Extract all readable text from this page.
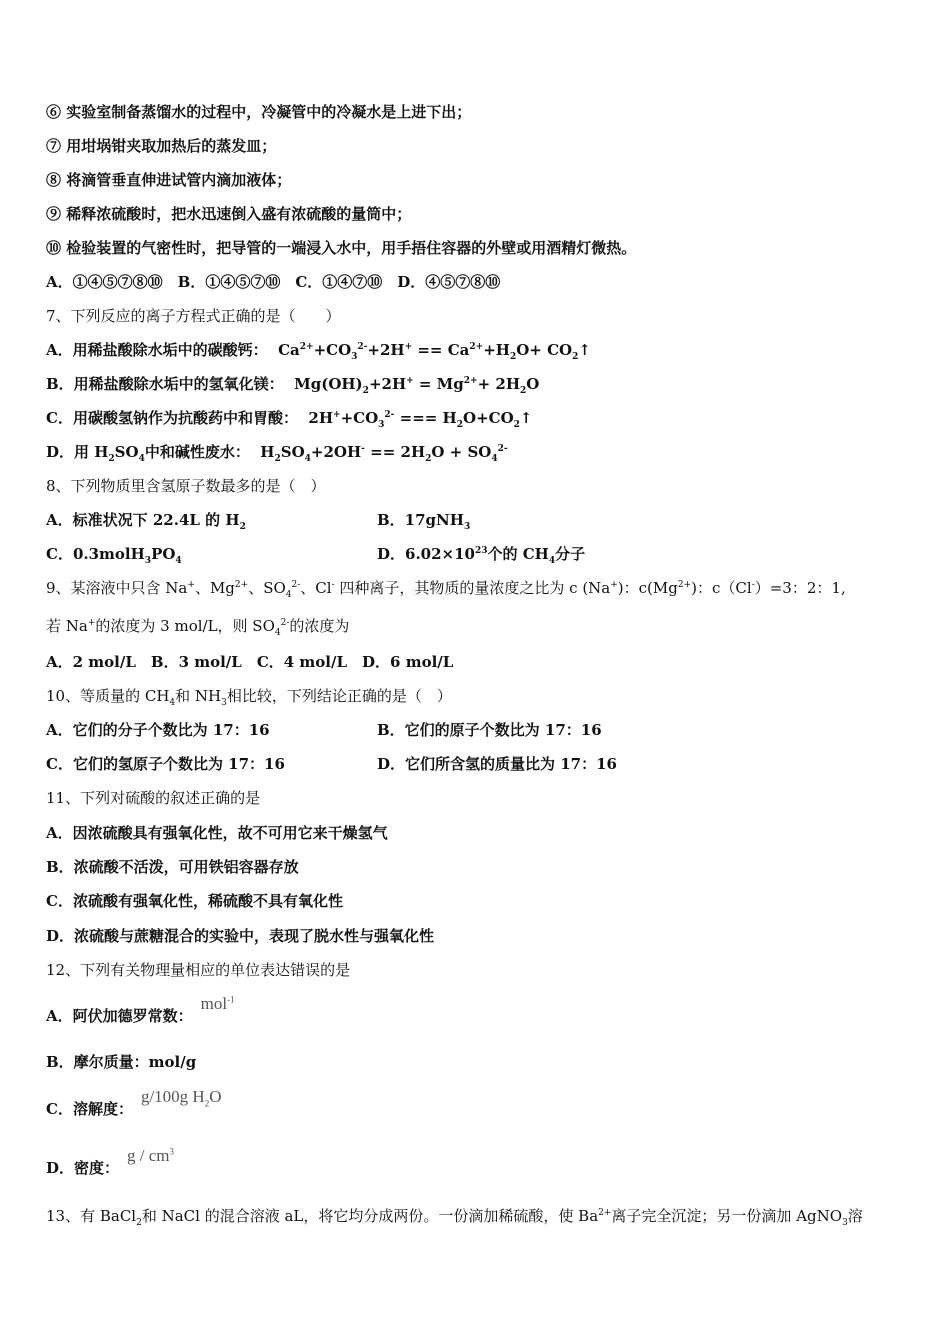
⑥ 实验室制备蒸馏水的过程中，冷凝管中的冷凝水是上进下出；
⑦ 用坩埚钳夹取加热后的蒸发皿；
⑧ 将滴管垂直伸进试管内滴加液体；
⑨ 稀释浓硫酸时，把水迅速倒入盛有浓硫酸的量筒中；
⑩ 检验装置的气密性时，把导管的一端浸入水中，用手捂住容器的外壁或用酒精灯微热。
A．①④⑤⑦⑧⑩　B．①④⑤⑦⑩　C．①④⑦⑩　D．④⑤⑦⑧⑩
7、下列反应的离子方程式正确的是（　　）
A．用稀盐酸除水垢中的碳酸钙：  $Ca^{2+}+CO_3^{2-}+2H^+ == Ca^{2+}+H_2O+$ $CO_2↑$
B．用稀盐酸除水垢中的氢氧化镁：  $Mg(OH)_2+2H^+ = Mg^{2+}+ 2H_2O$
C．用碳酸氢钠作为抗酸药中和胃酸：  $2H^++CO_3^{2-}$ === $H_2O+CO_2↑$
D．用 $H_2SO_4$中和碱性废水：  $H_2SO_4+2OH^- == 2H_2O + SO_4^{2-}$
8、下列物质里含氢原子数最多的是（　）
A．标准状况下 22.4L 的 $H_2$	B．17gNH$_3$
C．$0.3molH_3PO_4$	D．$6.02\times 10^{23}$个的 $CH_4$分子
9、某溶液中只含 Na+、$Mg^{2+}$、$SO_4^{2-}$、Cl- 四种离子，其物质的量浓度之比为 c (Na+)：$c(Mg^{2+})$：c（Cl-）=3：2：1,
若 Na+的浓度为 3 mol/L，则 $SO_4^{2-}$的浓度为
A．2 mol/L　B．3 mol/L　C．4 mol/L　D．6 mol/L
10、等质量的 $CH_4$和 $NH_3$相比较，下列结论正确的是（　）
A．它们的分子个数比为 17：16	B．它们的原子个数比为 17：16
C．它们的氢原子个数比为 17：16	D．它们所含氢的质量比为 17：16
11、下列对硫酸的叙述正确的是
A．因浓硫酸具有强氧化性，故不可用它来干燥氢气
B．浓硫酸不活泼，可用铁铝容器存放
C．浓硫酸有强氧化性，稀硫酸不具有氧化性
D．浓硫酸与蔗糖混合的实验中，表现了脱水性与强氧化性
12、下列有关物理量相应的单位表达错误的是
A．阿伏加德罗常数：mol$^{-1}$
B．摩尔质量：mol/g
C．溶解度：g/100g $H_2O$
D．密度：g / $cm^3$
13、有 BaCl$_2$和 NaCl 的混合溶液 aL，将它均分成两份。一份滴加稀硫酸，使 $Ba^{2+}$离子完全沉淀；另一份滴加 AgNO$_3$溶
